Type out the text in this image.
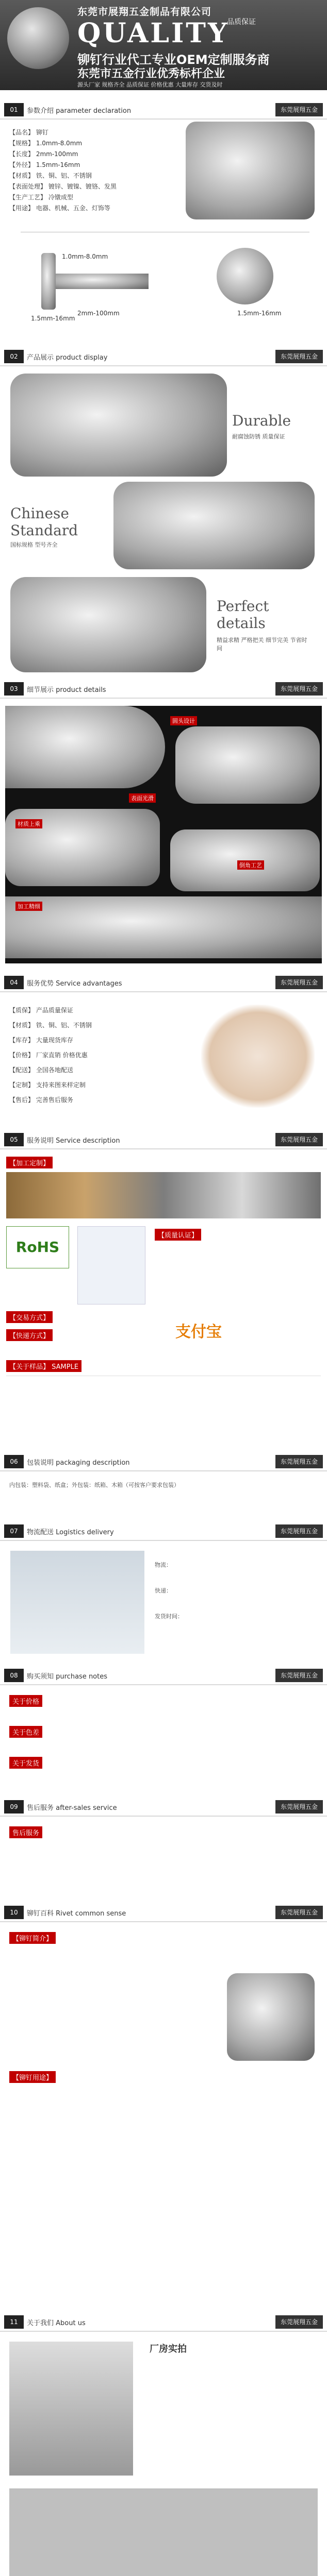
东莞市展翔五金制品有限公司
QUALITY
品质保证
铆钉行业代工专业OEM定制服务商
东莞市五金行业优秀标杆企业
源头厂家 规格齐全 品质保证 价格优惠 大量库存 交货及时
01	参数介绍 parameter declaration	东莞展翔五金
【品名】 铆钉
【规格】 1.0mm-8.0mm
【长度】 2mm-100mm
【外径】 1.5mm-16mm
【材质】 铁、铜、铝、不锈钢
【表面处理】 镀锌、镀镍、镀铬、发黑
【生产工艺】 冷镦成型
【用途】 电器、机械、五金、灯饰等
1.0mm-8.0mm
1.5mm-16mm
2mm-100mm	1.5mm-16mm
02	产品展示 product display	东莞展翔五金
Durable
耐腐蚀防锈 质量保证
Chinese Standard
国标规格 型号齐全
Perfect details
精益求精 严格把关 细节完美 节省时间
03	细节展示 product details	东莞展翔五金
圆头设计
表面光滑
材质上乘
倒角工艺
加工精细
04	服务优势 Service advantages	东莞展翔五金
【质保】 产品质量保证
【材质】 铁、铜、铝、不锈钢
【库存】 大量现货库存
【价格】 厂家直销 价格优惠
【配送】 全国各地配送
【定制】 支持来图来样定制
【售后】 完善售后服务
05	服务说明 Service description	东莞展翔五金
【加工定制】
RoHS
【质量认证】
【交易方式】
【快递方式】	支付宝
【关于样品】 SAMPLE
06	包装说明 packaging description	东莞展翔五金
内包装：塑料袋、纸盒；外包装：纸箱、木箱（可按客户要求包装）
07	物流配送 Logistics delivery	东莞展翔五金
物流：
快递：
发货时间：
08	购买须知 purchase notes	东莞展翔五金
关于价格
关于色差
关于发货
09	售后服务 after-sales service	东莞展翔五金
售后服务
10	铆钉百科 Rivet common sense	东莞展翔五金
【铆钉简介】
【铆钉用途】
11	关于我们 About us	东莞展翔五金
厂房实拍
